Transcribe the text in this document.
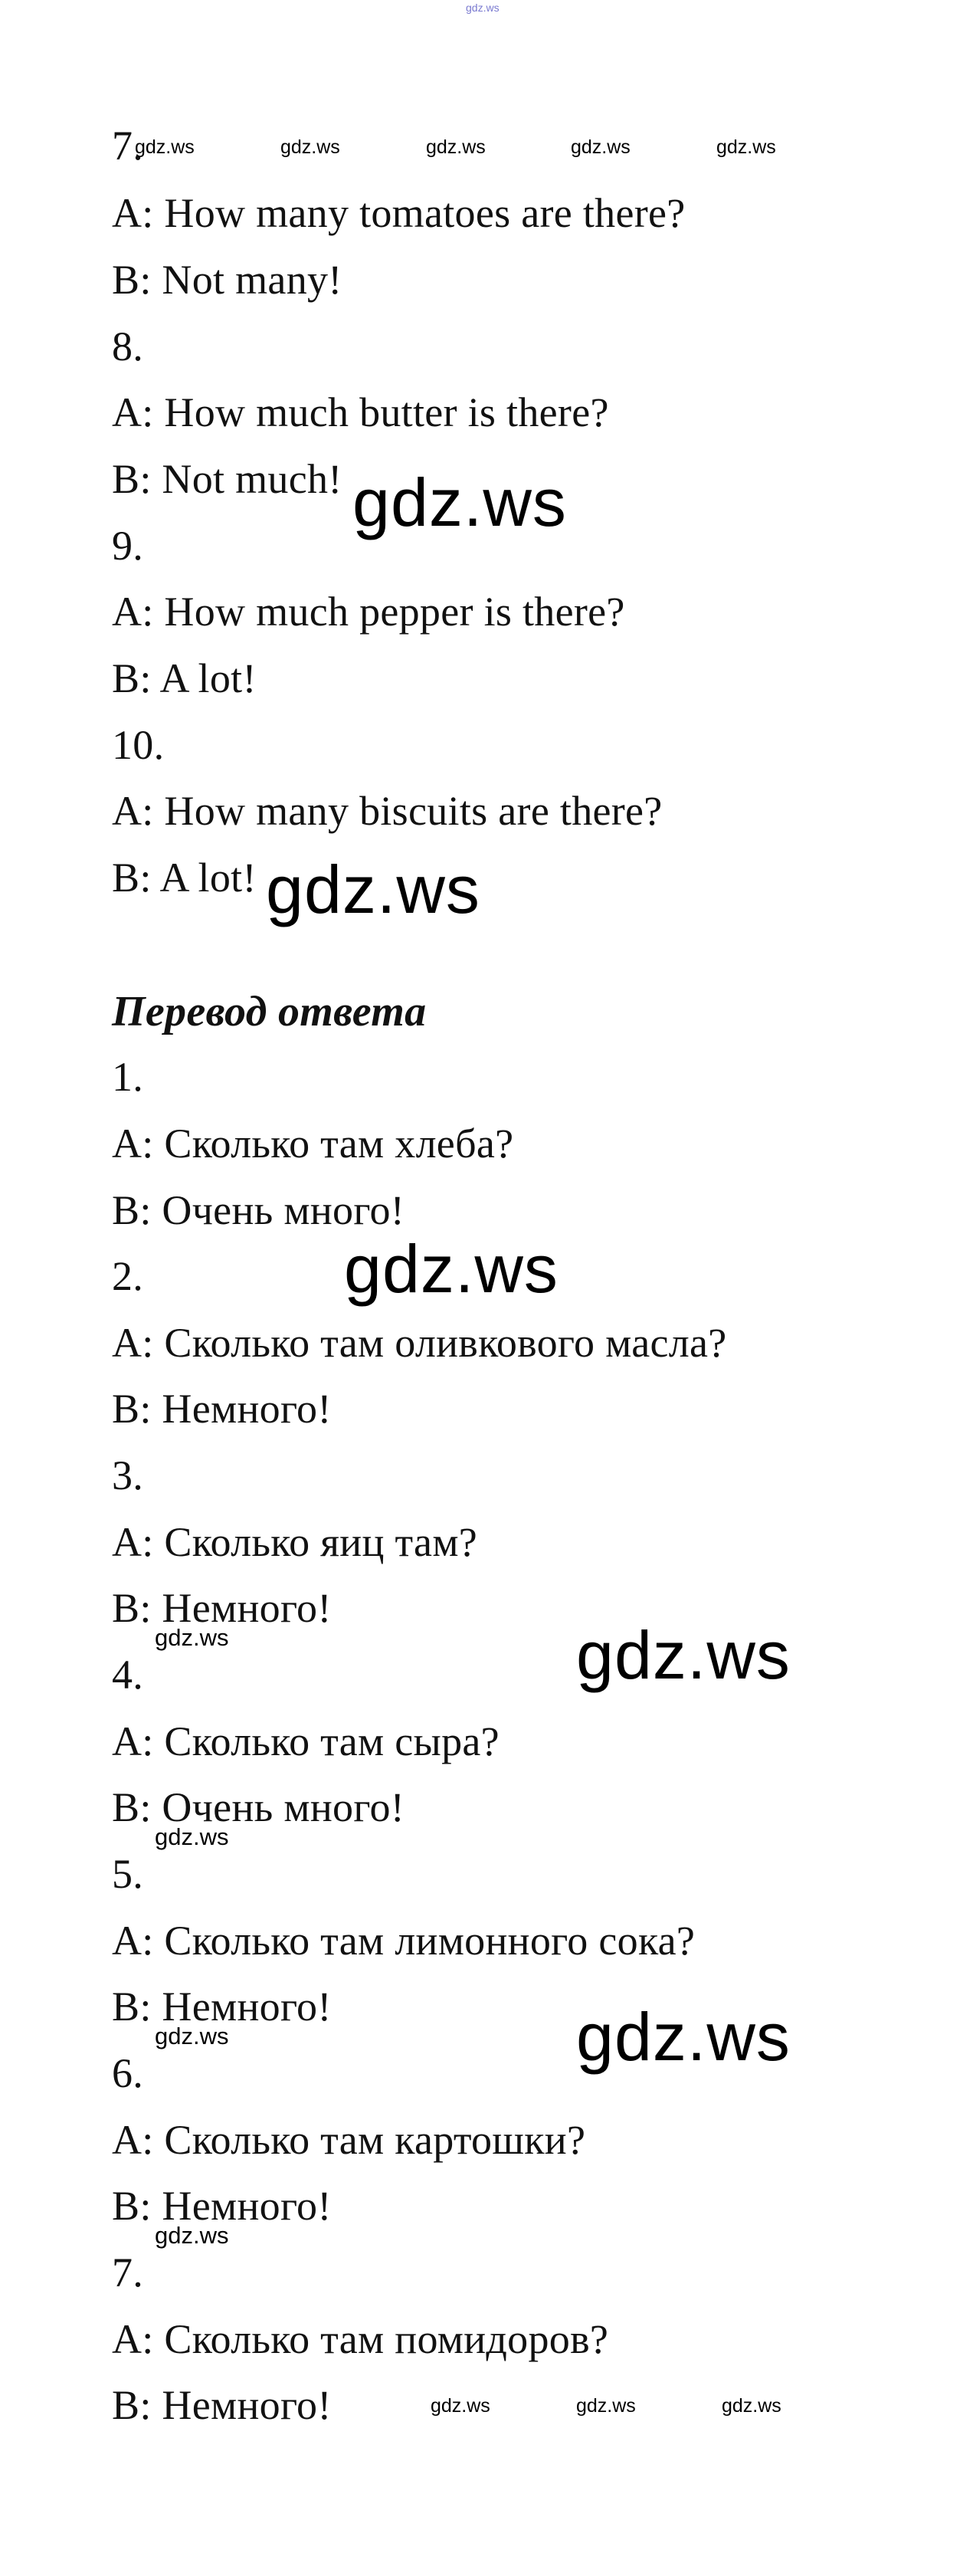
gdz.ws
7.
A: How many tomatoes are there?
B: Not many!
8.
A: How much butter is there?
B: Not much!
9.
A: How much pepper is there?
B: A lot!
10.
A: How many biscuits are there?
B: A lot!
Перевод ответа
1.
A: Сколько там хлеба?
B: Очень много!
2.
A: Сколько там оливкового масла?
B: Немного!
3.
A: Сколько яиц там?
B: Немного!
4.
A: Сколько там сыра?
B: Очень много!
5.
A: Сколько там лимонного сока?
B: Немного!
6.
A: Сколько там картошки?
B: Немного!
7.
A: Сколько там помидоров?
B: Немного!
gdz.ws	gdz.ws	gdz.ws	gdz.ws	gdz.ws
gdz.ws
gdz.ws
gdz.ws
gdz.ws
gdz.ws
gdz.ws
gdz.ws
gdz.ws
gdz.ws
gdz.ws	gdz.ws	gdz.ws
